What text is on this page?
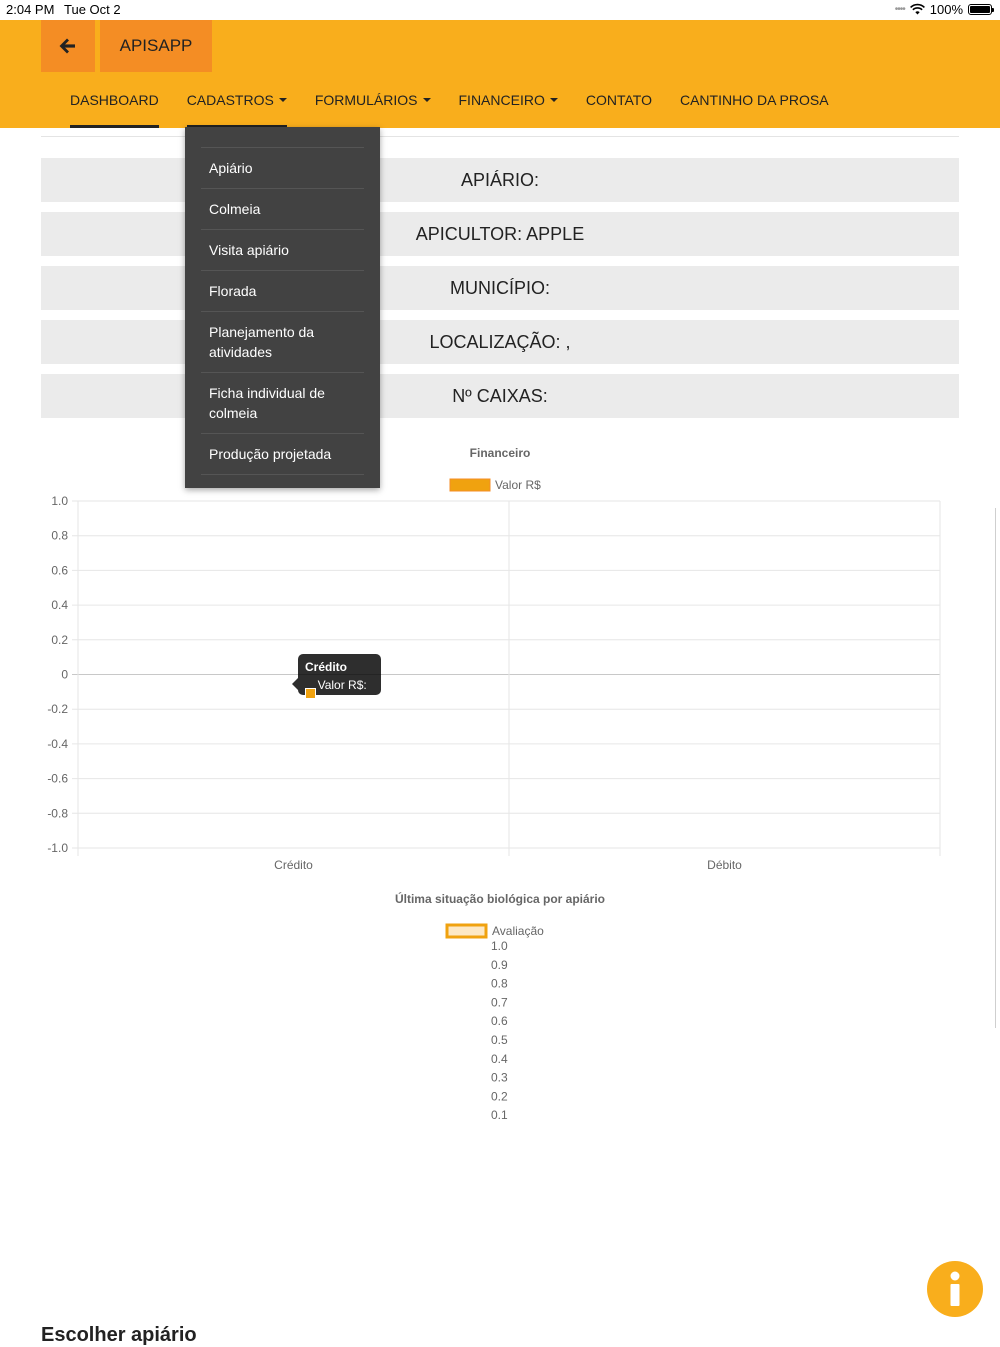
2:04 PM Tue Oct 2	•••• 100%
APISAPP
DASHBOARD CADASTROS	FORMULÁRIOS	FINANCEIRO	CONTATO CANTINHO DA PROSA
APIÁRIO:
APICULTOR: APPLE
MUNICÍPIO:
LOCALIZAÇÃO: ,
Nº CAIXAS:
Financeiro
Valor R$
1.0
0.8
0.6
0.4
0.2
0
-0.2
-0.4
-0.6
-0.8
-1.0
Crédito	Débito
Crédito
Valor R$: 0
Última situação biológica por apiário
Avaliação
1.0
0.9
0.8
0.7
0.6
0.5
0.4
0.3
0.2
0.1
Apiário
Colmeia
Visita apiário
Florada
Planejamento da atividades
Ficha individual de colmeia
Produção projetada
Escolher apiário
